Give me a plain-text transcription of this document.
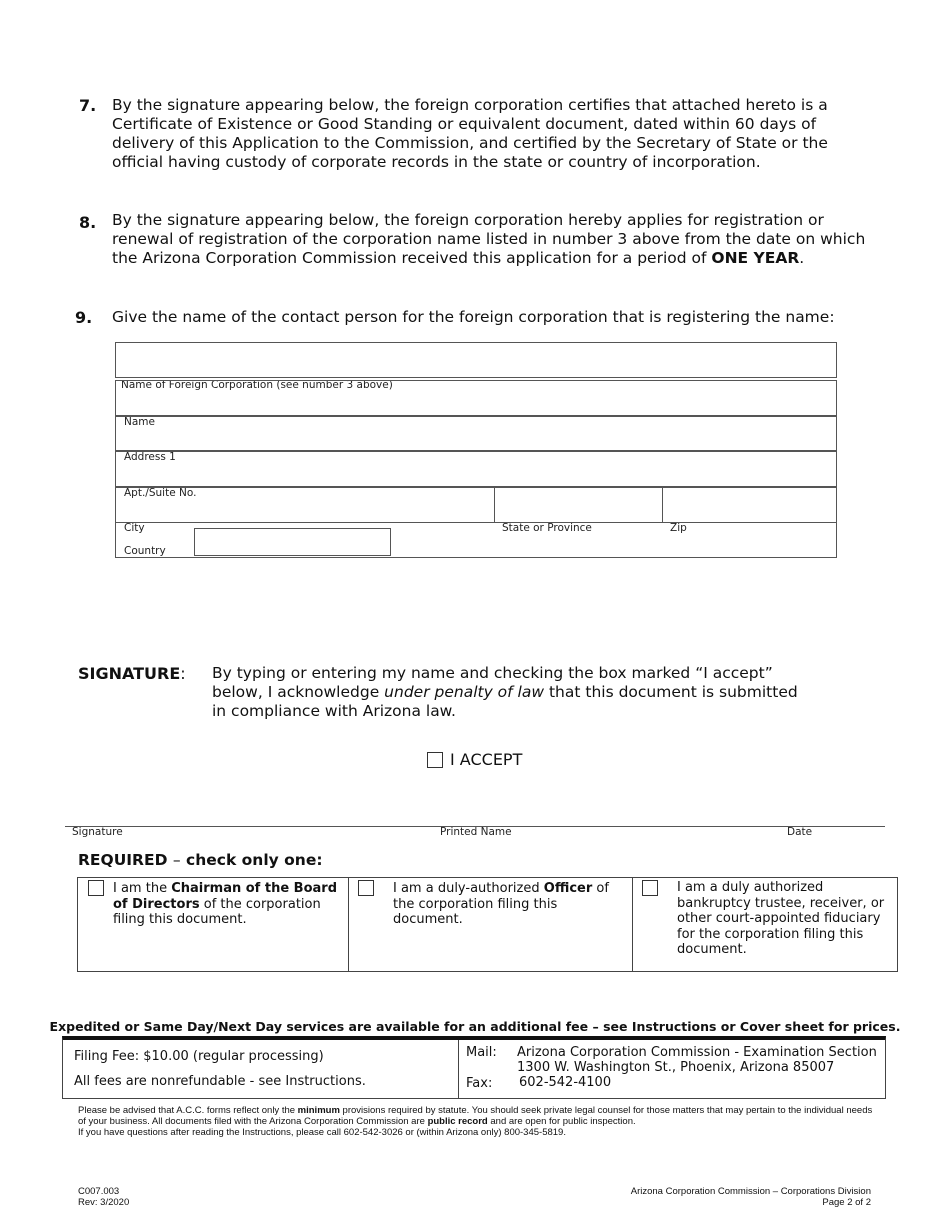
7. By the signature appearing below, the foreign corporation certifies that attached hereto is a Certificate of Existence or Good Standing or equivalent document, dated within 60 days of delivery of this Application to the Commission, and certified by the Secretary of State or the official having custody of corporate records in the state or country of incorporation.
8. By the signature appearing below, the foreign corporation hereby applies for registration or renewal of registration of the corporation name listed in number 3 above from the date on which the Arizona Corporation Commission received this application for a period of ONE YEAR.
9. Give the name of the contact person for the foreign corporation that is registering the name:
Name of Foreign Corporation (see number 3 above)
Name
Address 1
Apt./Suite No.
City	State or Province	Zip
Country
SIGNATURE: By typing or entering my name and checking the box marked “I accept” below, I acknowledge under penalty of law that this document is submitted in compliance with Arizona law.
I ACCEPT
Signature	Printed Name	Date
REQUIRED – check only one:
I am the Chairman of the Board of Directors of the corporation filing this document.
I am a duly-authorized Officer of the corporation filing this document.
I am a duly authorized bankruptcy trustee, receiver, or other court-appointed fiduciary for the corporation filing this document.
Expedited or Same Day/Next Day services are available for an additional fee – see Instructions or Cover sheet for prices.
Filing Fee: $10.00 (regular processing)
All fees are nonrefundable - see Instructions.
Mail: Arizona Corporation Commission - Examination Section
1300 W. Washington St., Phoenix, Arizona 85007
Fax: 602-542-4100
Please be advised that A.C.C. forms reflect only the minimum provisions required by statute. You should seek private legal counsel for those matters that may pertain to the individual needs of your business. All documents filed with the Arizona Corporation Commission are public record and are open for public inspection.
If you have questions after reading the Instructions, please call 602-542-3026 or (within Arizona only) 800-345-5819.
C007.003
Rev: 3/2020
Arizona Corporation Commission – Corporations Division
Page 2 of 2
